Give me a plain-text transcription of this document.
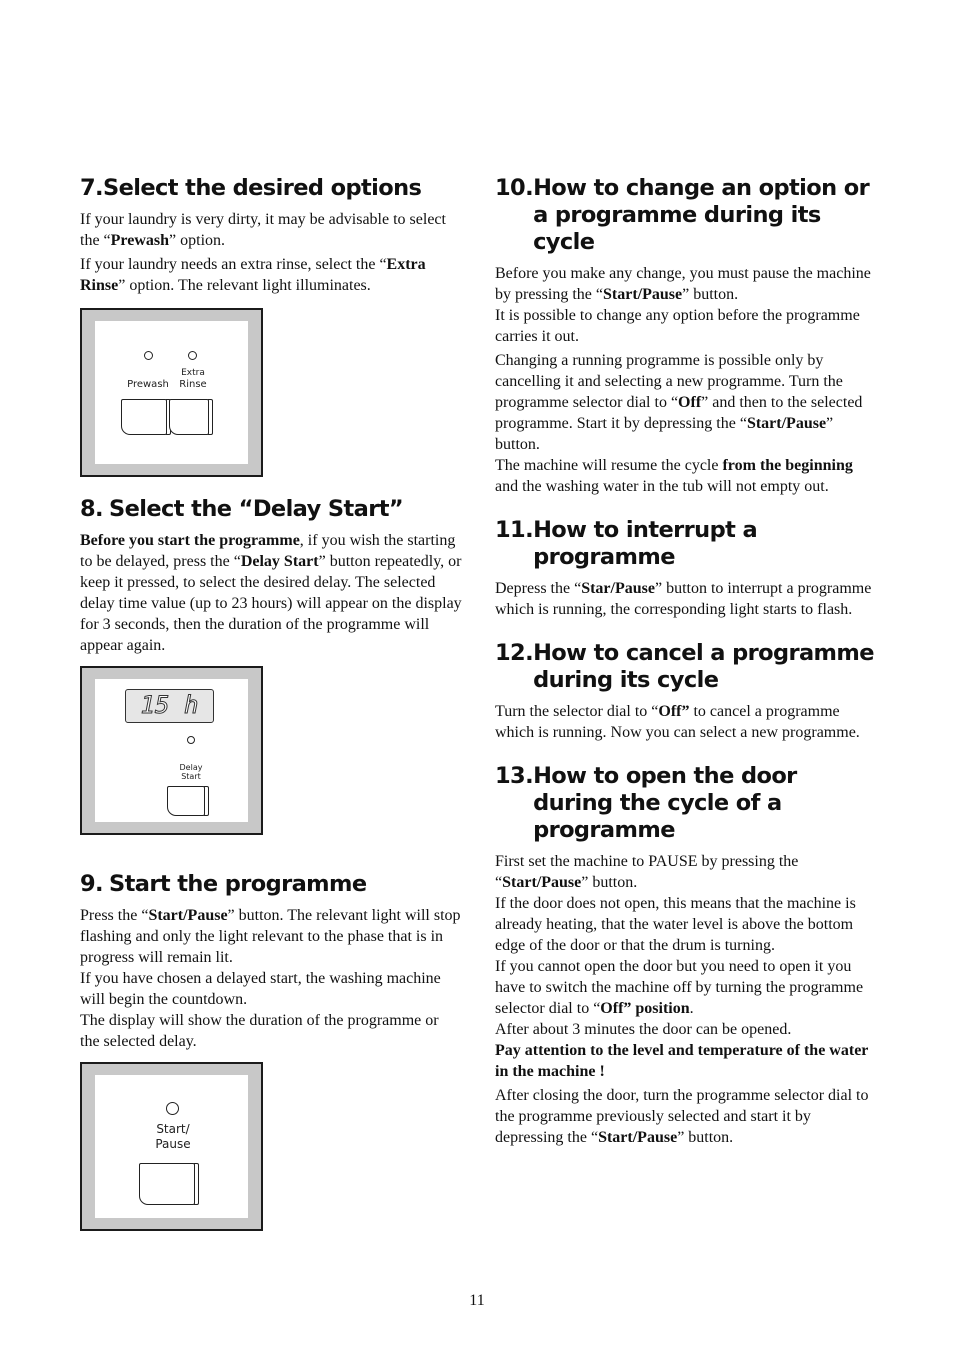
7. Select the desired options

If your laundry is very dirty, it may be advisable to select the “Prewash” option.

If your laundry needs an extra rinse, select the “Extra Rinse” option. The relevant light illuminates.

Prewash
Extra
Rinse
8. Select the “Delay Start”

Before you start the programme, if you wish the starting to be delayed, press the “Delay Start” button repeatedly, or keep it pressed, to select the desired delay. The selected delay time value (up to 23 hours) will appear on the display for 3 seconds, then the duration of the programme will appear again.

15 h
Delay
Start
9. Start the programme

Press the “Start/Pause” button. The relevant light will stop flashing and only the light relevant to the phase that is in progress will remain lit.

If you have chosen a delayed start, the washing machine will begin the countdown.

The display will show the duration of the programme or the selected delay.

Start/
Pause
10. How to change an option or a programme during its cycle

Before you make any change, you must pause the machine by pressing the “Start/Pause” button.

It is possible to change any option before the programme carries it out.

Changing a running programme is possible only by cancelling it and selecting a new programme. Turn the programme selector dial to “Off” and then to the selected programme. Start it by depressing the “Start/Pause” button.

The machine will resume the cycle from the beginning and the washing water in the tub will not empty out.

11. How to interrupt a programme

Depress the “Star/Pause” button to interrupt a programme which is running, the corresponding light starts to flash.

12. How to cancel a programme during its cycle

Turn the selector dial to “Off” to cancel a programme which is running. Now you can select a new programme.

13. How to open the door during the cycle of a programme

First set the machine to PAUSE by pressing the “Start/Pause” button.

If the door does not open, this means that the machine is already heating, that the water level is above the bottom edge of the door or that the drum is turning.

If you cannot open the door but you need to open it you have to switch the machine off by turning the programme selector dial to “Off” position.

After about 3 minutes the door can be opened.

Pay attention to the level and temperature of the water in the machine !

After closing the door, turn the programme selector dial to the programme previously selected and start it by depressing the “Start/Pause” button.

11
